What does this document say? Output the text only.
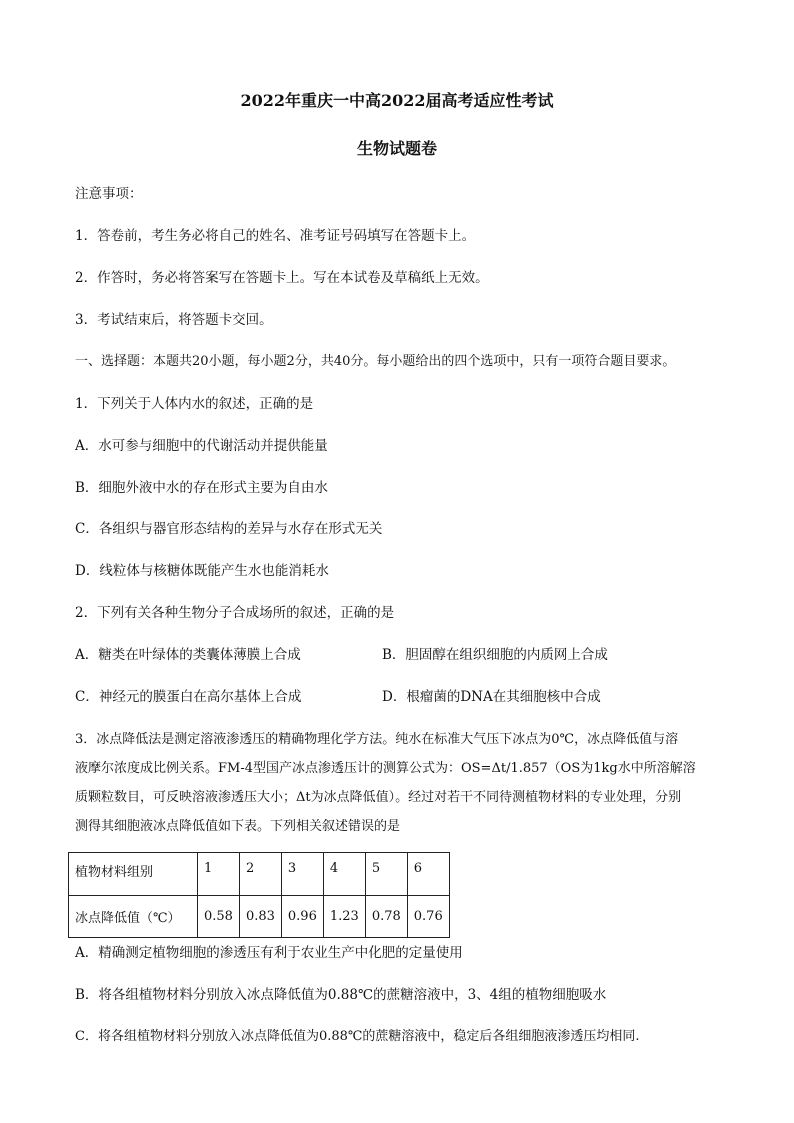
2022年重庆一中高2022届高考适应性考试
生物试题卷
注意事项：
1．答卷前，考生务必将自己的姓名、准考证号码填写在答题卡上。
2．作答时，务必将答案写在答题卡上。写在本试卷及草稿纸上无效。
3．考试结束后，将答题卡交回。
一、选择题：本题共20小题，每小题2分，共40分。每小题给出的四个选项中，只有一项符合题目要求。
1．下列关于人体内水的叙述，正确的是
A．水可参与细胞中的代谢活动并提供能量
B．细胞外液中水的存在形式主要为自由水
C．各组织与器官形态结构的差异与水存在形式无关
D．线粒体与核糖体既能产生水也能消耗水
2．下列有关各种生物分子合成场所的叙述，正确的是
A．糖类在叶绿体的类囊体薄膜上合成	B．胆固醇在组织细胞的内质网上合成
C．神经元的膜蛋白在高尔基体上合成	D．根瘤菌的DNA在其细胞核中合成
3．冰点降低法是测定溶液渗透压的精确物理化学方法。纯水在标准大气压下冰点为0℃，冰点降低值与溶
液摩尔浓度成比例关系。FM-4型国产冰点渗透压计的测算公式为：OS=Δt/1.857（OS为1kg水中所溶解溶
质颗粒数目，可反映溶液渗透压大小；Δt为冰点降低值）。经过对若干不同待测植物材料的专业处理，分别
测得其细胞液冰点降低值如下表。下列相关叙述错误的是
植物材料组别	1	2	3	4	5	6
冰点降低值（℃）	0.58	0.83	0.96	1.23	0.78	0.76
A．精确测定植物细胞的渗透压有利于农业生产中化肥的定量使用
B．将各组植物材料分别放入冰点降低值为0.88℃的蔗糖溶液中，3、4组的植物细胞吸水
C．将各组植物材料分别放入冰点降低值为0.88℃的蔗糖溶液中，稳定后各组细胞液渗透压均相同.
